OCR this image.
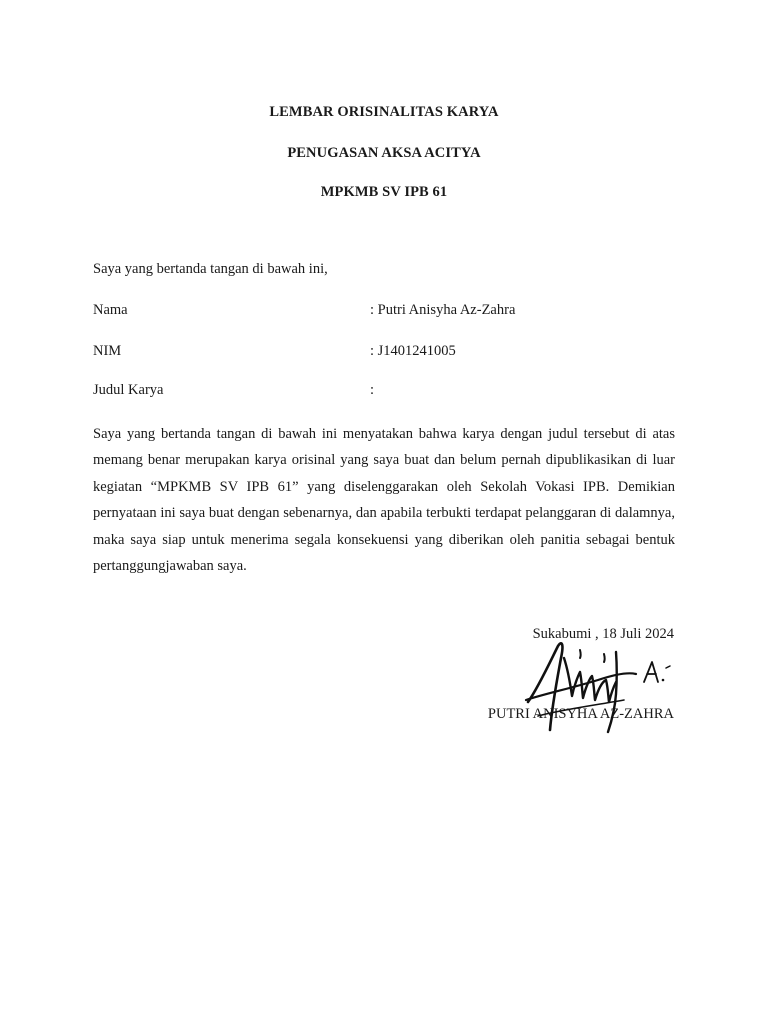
LEMBAR ORISINALITAS KARYA
PENUGASAN AKSA ACITYA
MPKMB SV IPB 61
Saya yang bertanda tangan di bawah ini,
Nama	: Putri Anisyha Az-Zahra
NIM	: J1401241005
Judul Karya	:

Saya yang bertanda tangan di bawah ini menyatakan bahwa karya dengan judul tersebut di atas memang benar merupakan karya orisinal yang saya buat dan belum pernah dipublikasikan di luar kegiatan “MPKMB SV IPB 61” yang diselenggarakan oleh Sekolah Vokasi IPB. Demikian pernyataan ini saya buat dengan sebenarnya, dan apabila terbukti terdapat pelanggaran di dalamnya, maka saya siap untuk menerima segala konsekuensi yang diberikan oleh panitia sebagai bentuk pertanggungjawaban saya.

Sukabumi , 18 Juli 2024
PUTRI ANISYHA AZ-ZAHRA
